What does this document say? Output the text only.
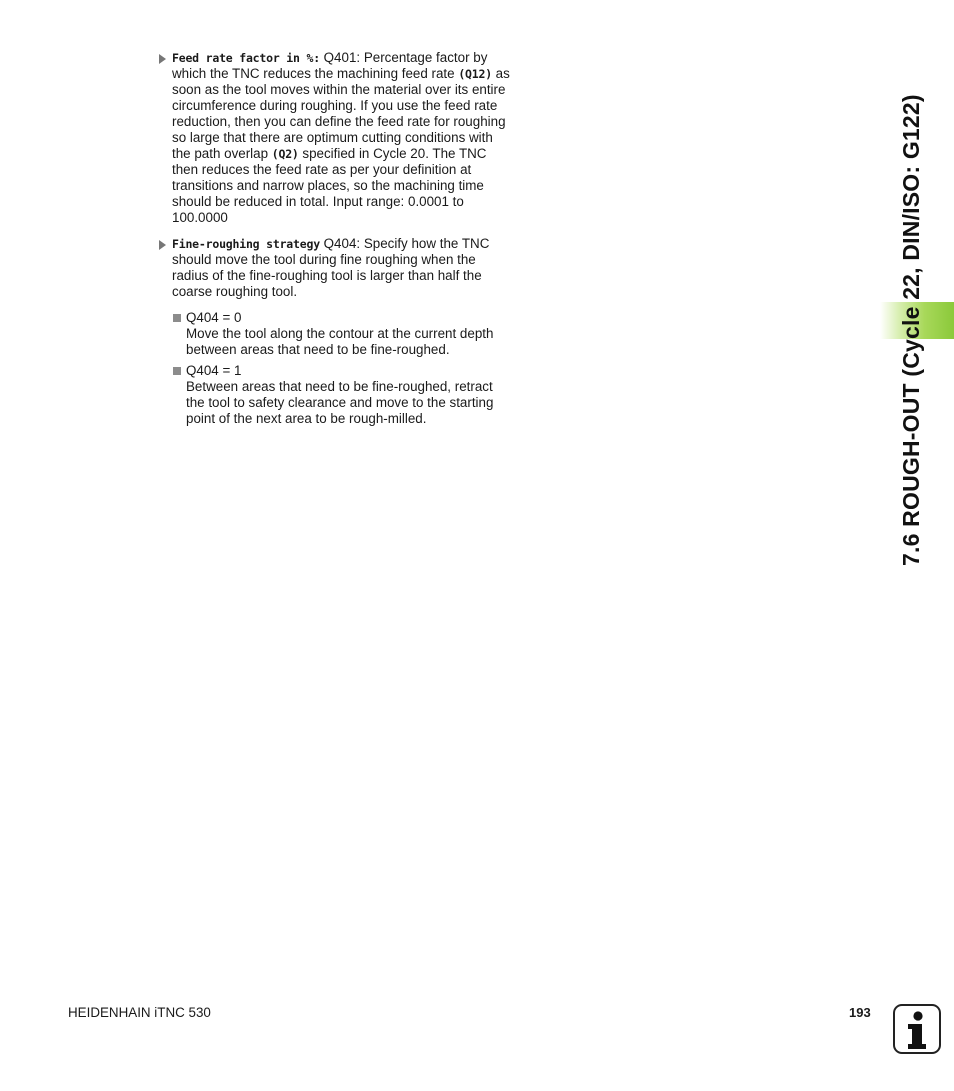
7.6 ROUGH-OUT (Cycle 22, DIN/ISO: G122)
Feed rate factor in %: Q401: Percentage factor by which the TNC reduces the machining feed rate (Q12) as soon as the tool moves within the material over its entire circumference during roughing. If you use the feed rate reduction, then you can define the feed rate for roughing so large that there are optimum cutting conditions with the path overlap (Q2) specified in Cycle 20. The TNC then reduces the feed rate as per your definition at transitions and narrow places, so the machining time should be reduced in total. Input range: 0.0001 to 100.0000
Fine-roughing strategy Q404: Specify how the TNC should move the tool during fine roughing when the radius of the fine-roughing tool is larger than half the coarse roughing tool.
Q404 = 0
Move the tool along the contour at the current depth between areas that need to be fine-roughed.
Q404 = 1
Between areas that need to be fine-roughed, retract the tool to safety clearance and move to the starting point of the next area to be rough-milled.
HEIDENHAIN iTNC 530	193
